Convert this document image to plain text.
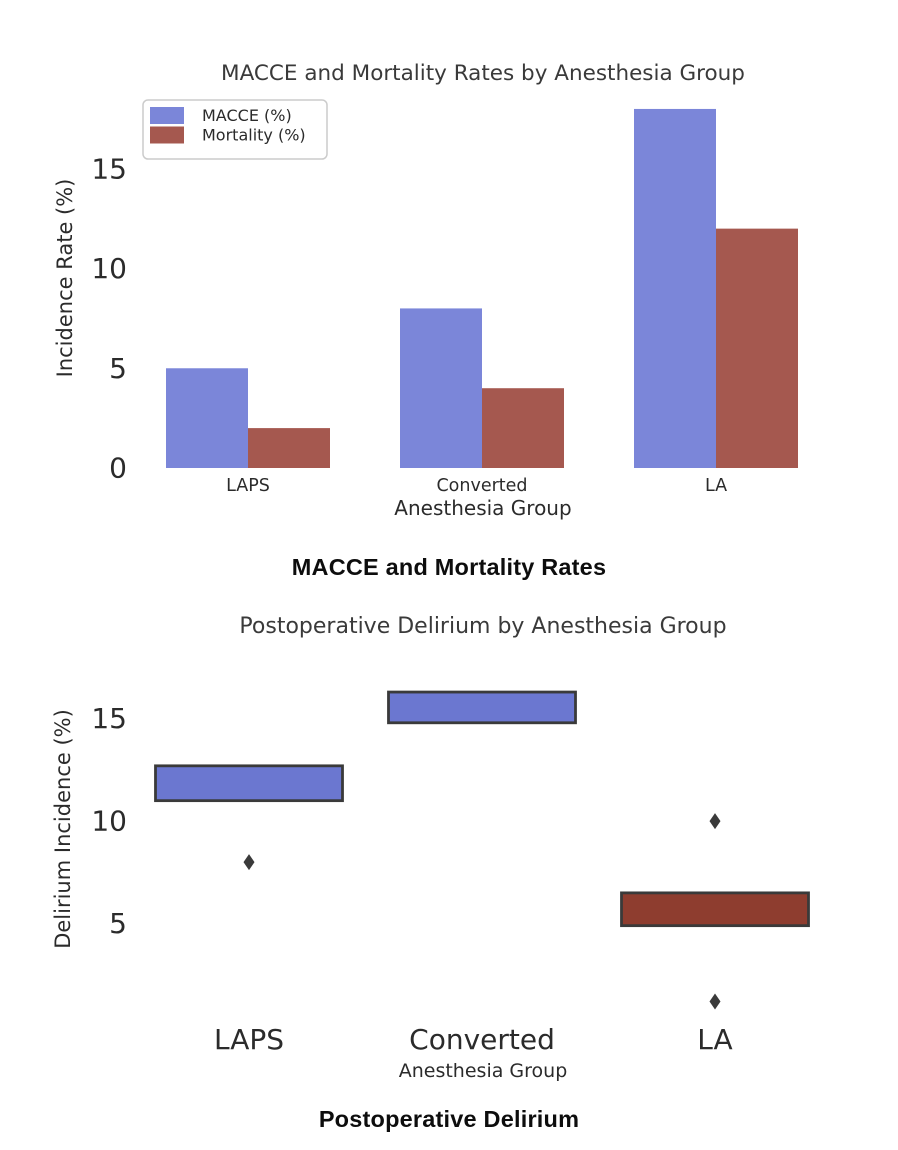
0
5
10
15
LAPS	Converted	LA
Anesthesia Group
Incidence Rate (%)
MACCE and Mortality Rates by Anesthesia Group
MACCE (%)
Mortality (%)
5
10
15
LAPS	Converted	LA
Anesthesia Group
Delirium Incidence (%)
Postoperative Delirium by Anesthesia Group
MACCE and Mortality Rates
Postoperative Delirium
